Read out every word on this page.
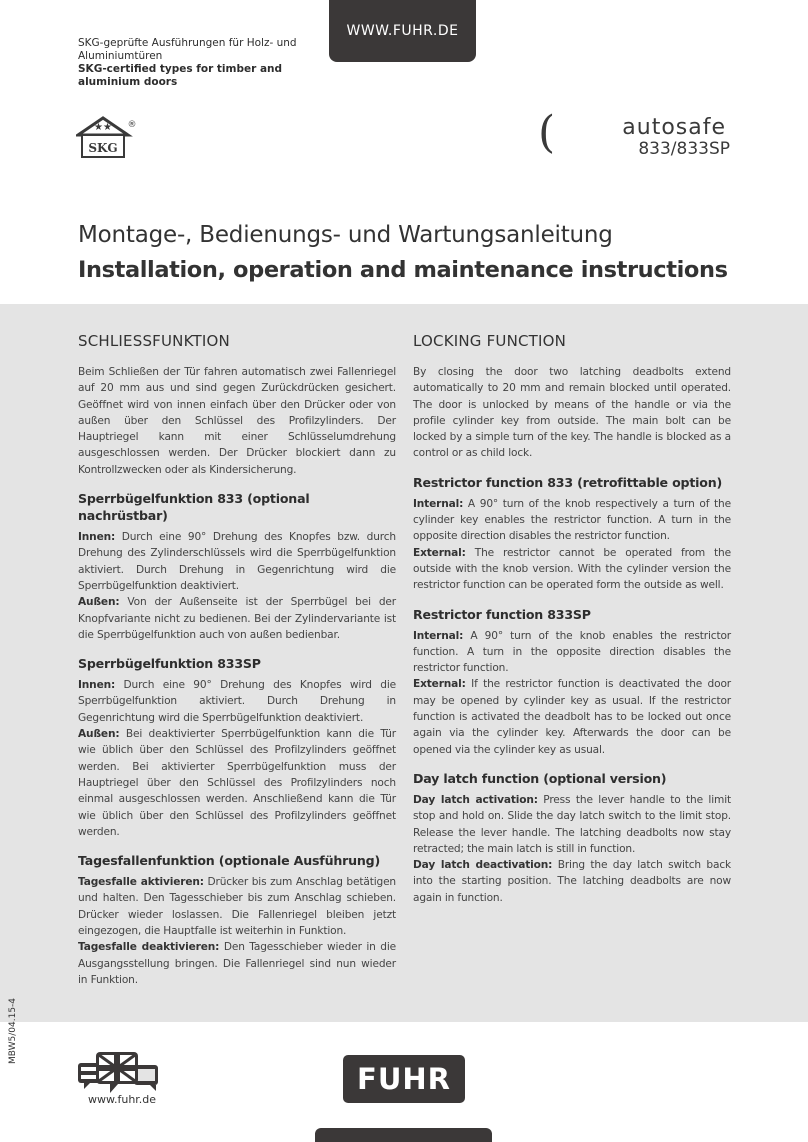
WWW.FUHR.DE
SKG-geprüfte Ausführungen für Holz- und Aluminiumtüren
SKG-certified types for timber and aluminium doors
★★
SKG
®	(	autosafe
833/833SP
Montage-, Bedienungs- und Wartungsanleitung
Installation, operation and maintenance instructions
SCHLIESSFUNKTION

Beim Schließen der Tür fahren automatisch zwei Fallenriegel auf 20 mm aus und sind gegen Zurückdrücken gesichert. Geöffnet wird von innen einfach über den Drücker oder von außen über den Schlüssel des Profilzylinders. Der Hauptriegel kann mit einer Schlüsselumdrehung ausgeschlossen werden. Der Drücker blockiert dann zu Kontrollzwecken oder als Kindersicherung.

Sperrbügelfunktion 833 (optional nachrüstbar)

Innen: Durch eine 90° Drehung des Knopfes bzw. durch Drehung des Zylinderschlüssels wird die Sperrbügelfunktion aktiviert. Durch Drehung in Gegenrichtung wird die Sperrbügelfunktion deaktiviert.

Außen: Von der Außenseite ist der Sperrbügel bei der Knopfvariante nicht zu bedienen. Bei der Zylindervariante ist die Sperrbügelfunktion auch von außen bedienbar.

Sperrbügelfunktion 833SP

Innen: Durch eine 90° Drehung des Knopfes wird die Sperrbügelfunktion aktiviert. Durch Drehung in Gegenrichtung wird die Sperrbügelfunktion deaktiviert.

Außen: Bei deaktivierter Sperrbügelfunktion kann die Tür wie üblich über den Schlüssel des Profilzylinders geöffnet werden. Bei aktivierter Sperrbügelfunktion muss der Hauptriegel über den Schlüssel des Profilzylinders noch einmal ausgeschlossen werden. Anschließend kann die Tür wie üblich über den Schlüssel des Profilzylinders geöffnet werden.

Tagesfallenfunktion (optionale Ausführung)

Tagesfalle aktivieren: Drücker bis zum Anschlag betätigen und halten. Den Tagesschieber bis zum Anschlag schieben. Drücker wieder loslassen. Die Fallenriegel bleiben jetzt eingezogen, die Hauptfalle ist weiterhin in Funktion.

Tagesfalle deaktivieren: Den Tagesschieber wieder in die Ausgangsstellung bringen. Die Fallenriegel sind nun wieder in Funktion.

LOCKING FUNCTION

By closing the door two latching deadbolts extend automatically to 20 mm and remain blocked until operated. The door is unlocked by means of the handle or via the profile cylinder key from outside. The main bolt can be locked by a simple turn of the key. The handle is blocked as a control or as child lock.

Restrictor function 833 (retrofittable option)

Internal: A 90° turn of the knob respectively a turn of the cylinder key enables the restrictor function. A turn in the opposite direction disables the restrictor function.

External: The restrictor cannot be operated from the outside with the knob version. With the cylinder version the restrictor function can be operated form the outside as well.

Restrictor function 833SP

Internal: A 90° turn of the knob enables the restrictor function. A turn in the opposite direction disables the restrictor function.

External: If the restrictor function is deactivated the door may be opened by cylinder key as usual. If the restrictor function is activated the deadbolt has to be locked out once again via the cylinder key. Afterwards the door can be opened via the cylinder key as usual.

Day latch function (optional version)

Day latch activation: Press the lever handle to the limit stop and hold on. Slide the day latch switch to the limit stop. Release the lever handle. The latching deadbolts now stay retracted; the main latch is still in function.

Day latch deactivation: Bring the day latch switch back into the starting position. The latching deadbolts are now again in function.

MBW5/04.15-4
www.fuhr.de
FUHR
